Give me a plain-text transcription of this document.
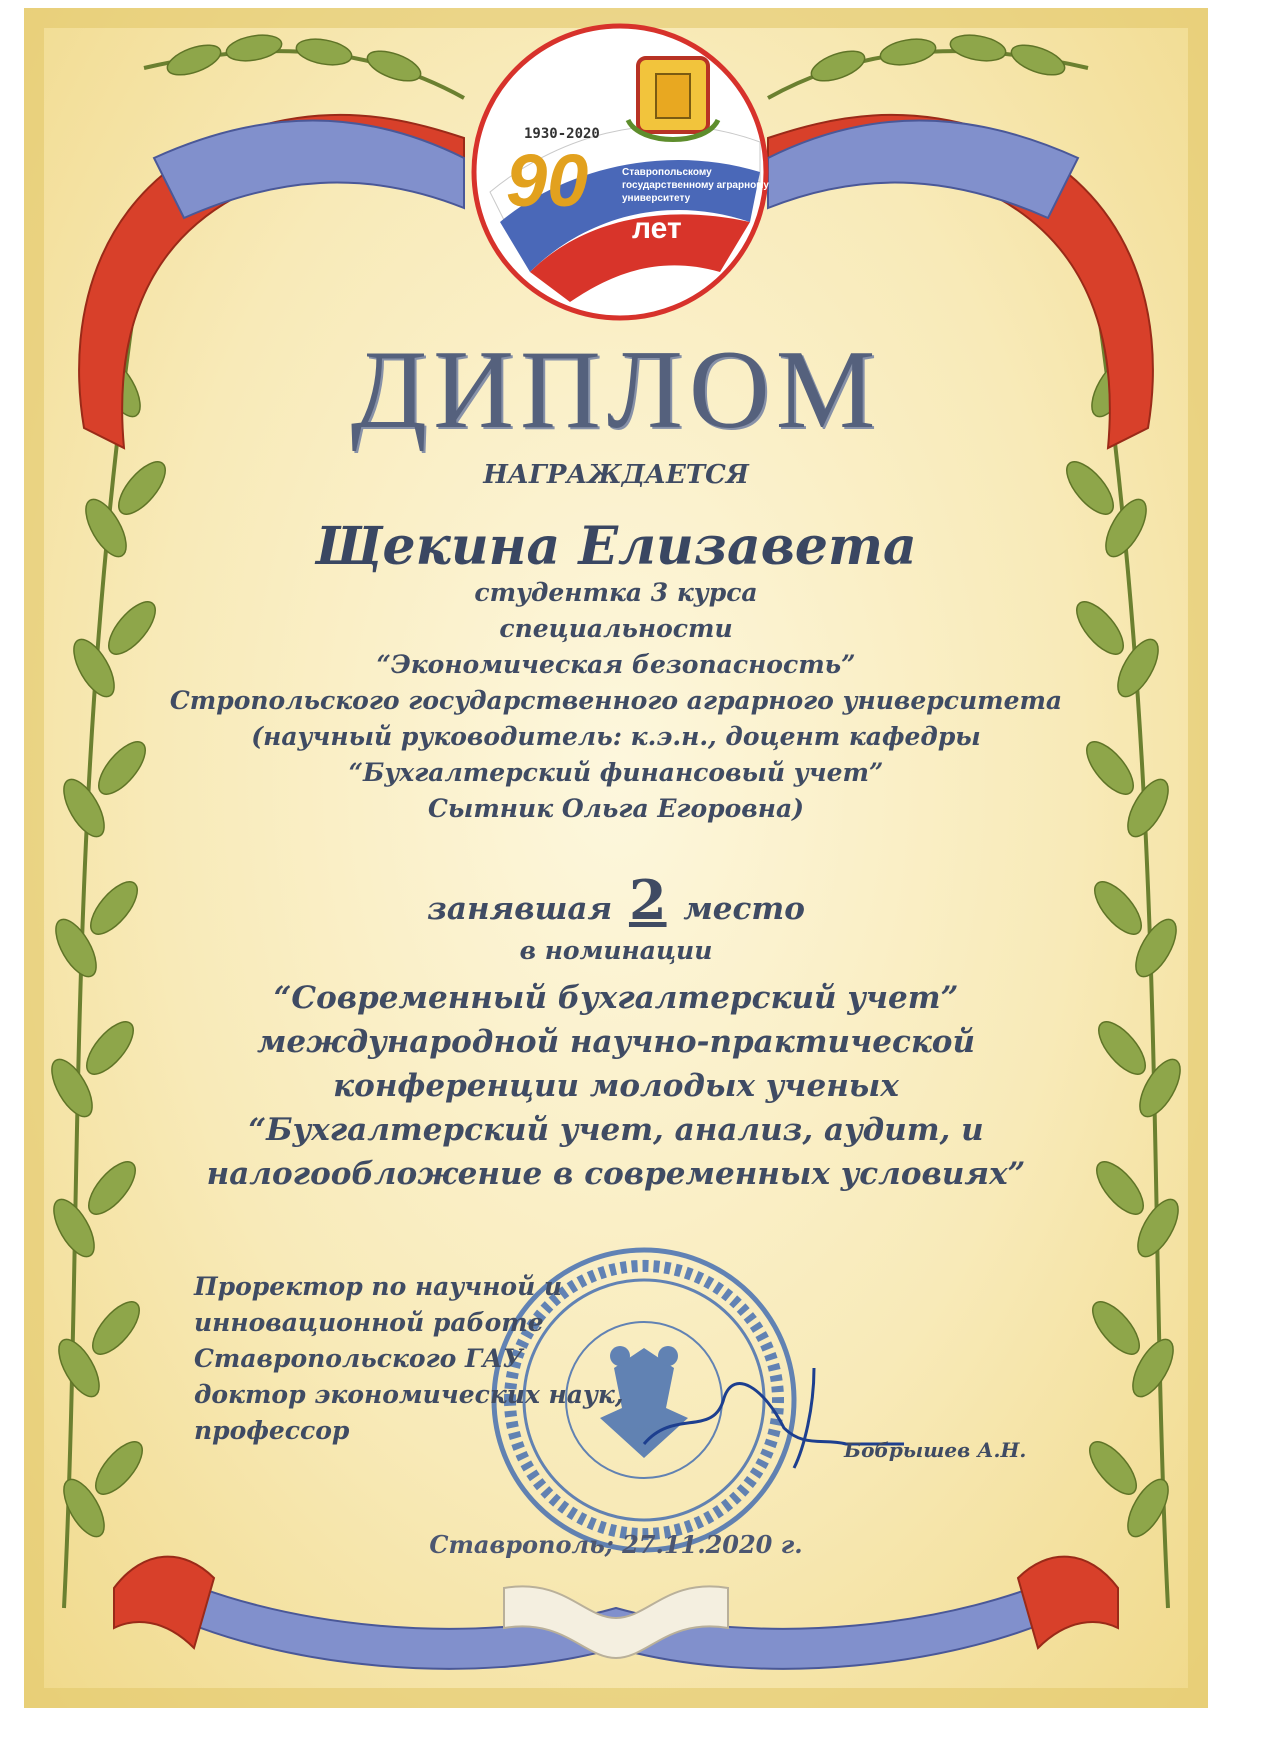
1930-2020
90	Ставропольскому государственному аграрному университету
лет
ДИПЛОМ
НАГРАЖДАЕТСЯ
Щекина Елизавета
студентка 3 курса
специальности
“Экономическая безопасность”
Стропольского государственного аграрного университета
(научный руководитель: к.э.н., доцент кафедры
“Бухгалтерский финансовый учет”
Сытник Ольга Егоровна)
занявшая 2 место
в номинации
“Современный бухгалтерский учет”
международной научно-практической
конференции молодых ученых
“Бухгалтерский учет, анализ, аудит, и
налогообложение в современных условиях”
Проректор по научной и
инновационной работе
Ставропольского ГАУ
доктор экономических наук,
профессор
Бобрышев А.Н.
Ставрополь; 27.11.2020 г.
